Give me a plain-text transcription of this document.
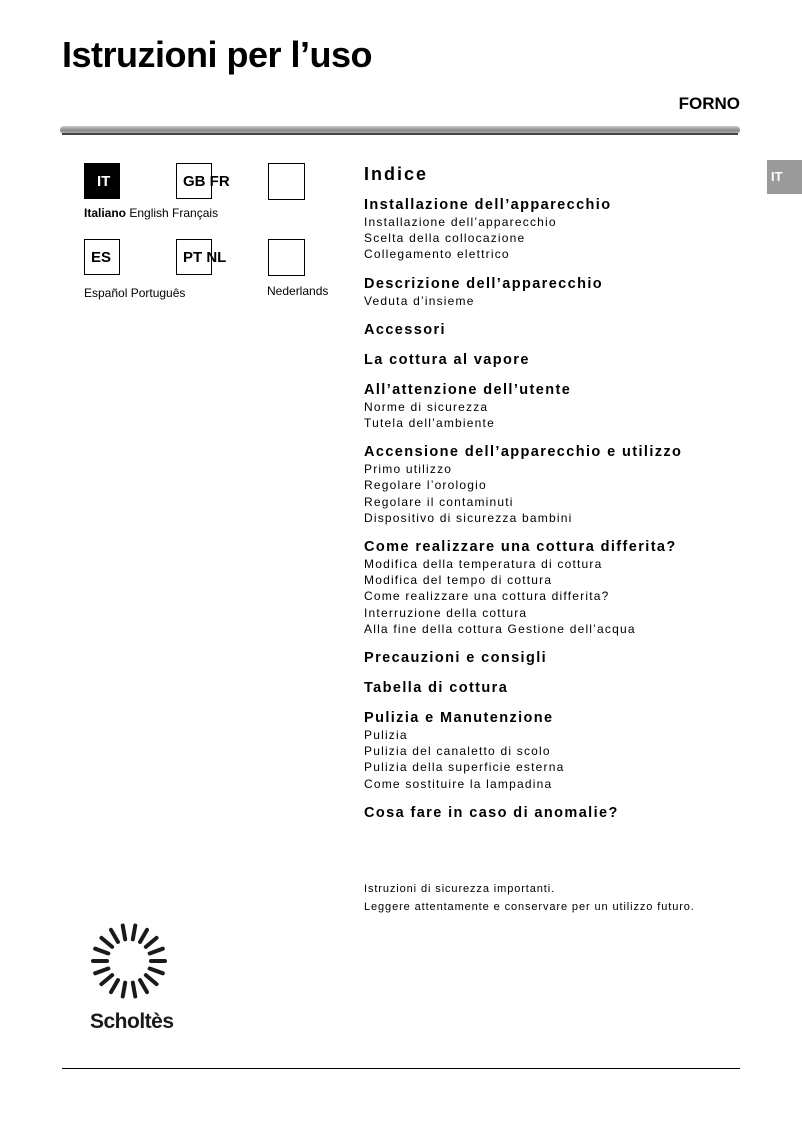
Istruzioni per l’uso
FORNO
IT
IT	GB FR
Italiano English Français
ES	PT NL
Español Português	Nederlands
Indice
Installazione dell’apparecchio
Installazione dell’apparecchio
Scelta della collocazione
Collegamento elettrico
Descrizione dell’apparecchio
Veduta d’insieme
Accessori
La cottura al vapore
All’attenzione dell’utente
Norme di sicurezza
Tutela dell’ambiente
Accensione dell’apparecchio e utilizzo
Primo utilizzo
Regolare l’orologio
Regolare il contaminuti
Dispositivo di sicurezza bambini
Come realizzare una cottura differita?
Modifica della temperatura di cottura
Modifica del tempo di cottura
Come realizzare una cottura differita?
Interruzione della cottura
Alla fine della cottura Gestione dell’acqua
Precauzioni e consigli
Tabella di cottura
Pulizia e Manutenzione
Pulizia
Pulizia del canaletto di scolo
Pulizia della superficie esterna
Come sostituire la lampadina
Cosa fare in caso di anomalie?
Istruzioni di sicurezza importanti.
Leggere attentamente e conservare per un utilizzo futuro.
Scholtès
